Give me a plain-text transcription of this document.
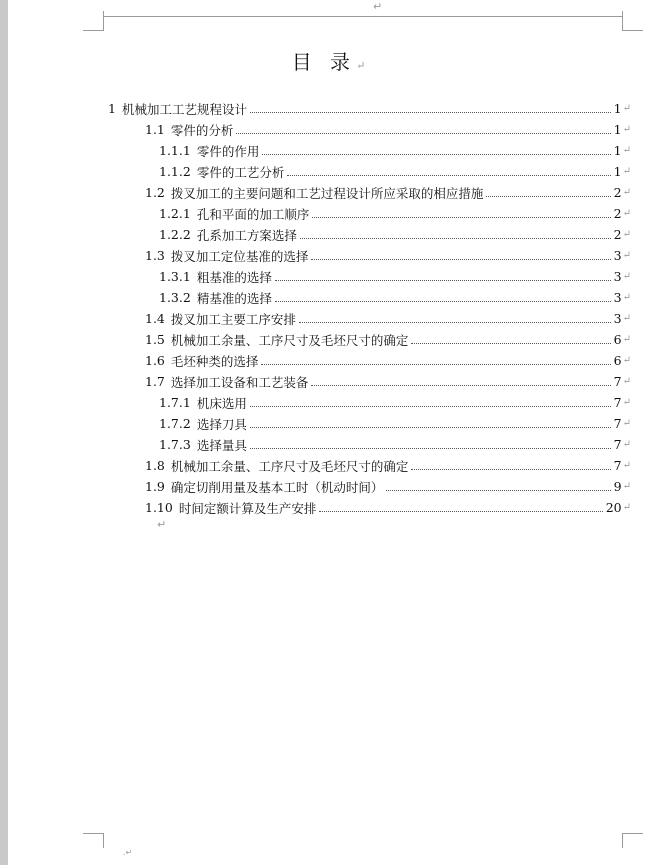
↵
目 录↵
1 机械加工工艺规程设计	1 ↵
1.1 零件的分析	1 ↵
1.1.1 零件的作用	1 ↵
1.1.2 零件的工艺分析	1 ↵
1.2 拨叉加工的主要问题和工艺过程设计所应采取的相应措施	2 ↵
1.2.1 孔和平面的加工顺序	2 ↵
1.2.2 孔系加工方案选择	2 ↵
1.3 拨叉加工定位基准的选择	3 ↵
1.3.1 粗基准的选择	3 ↵
1.3.2 精基准的选择	3 ↵
1.4 拨叉加工主要工序安排	3 ↵
1.5 机械加工余量、工序尺寸及毛坯尺寸的确定	6 ↵
1.6 毛坯种类的选择	6 ↵
1.7 选择加工设备和工艺装备	7 ↵
1.7.1 机床选用	7 ↵
1.7.2 选择刀具	7 ↵
1.7.3 选择量具	7 ↵
1.8 机械加工余量、工序尺寸及毛坯尺寸的确定	7 ↵
1.9 确定切削用量及基本工时（机动时间）	9 ↵
1.10 时间定额计算及生产安排	20 ↵
↵
.↵
